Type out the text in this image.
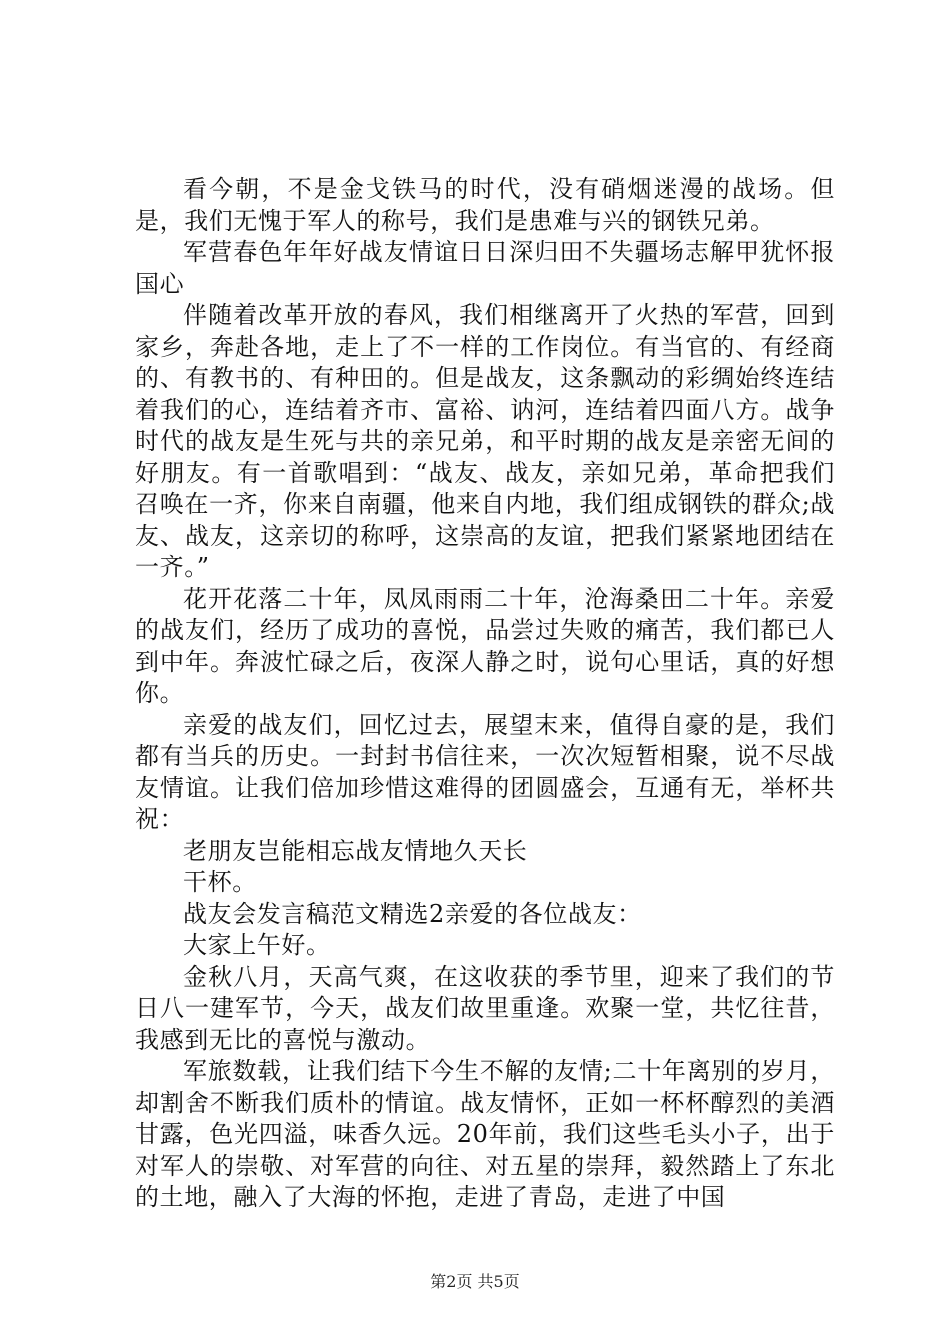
看今朝，不是金戈铁马的时代，没有硝烟迷漫的战场。但是，我们无愧于军人的称号，我们是患难与兴的钢铁兄弟。

军营春色年年好战友情谊日日深归田不失疆场志解甲犹怀报国心

伴随着改革开放的春风，我们相继离开了火热的军营，回到家乡，奔赴各地，走上了不一样的工作岗位。有当官的、有经商的、有教书的、有种田的。但是战友，这条飘动的彩绸始终连结着我们的心，连结着齐市、富裕、讷河，连结着四面八方。战争时代的战友是生死与共的亲兄弟，和平时期的战友是亲密无间的好朋友。有一首歌唱到：“战友、战友，亲如兄弟，革命把我们召唤在一齐，你来自南疆，他来自内地，我们组成钢铁的群众;战友、战友，这亲切的称呼，这崇高的友谊，把我们紧紧地团结在一齐。”

花开花落二十年，凤凤雨雨二十年，沧海桑田二十年。亲爱的战友们，经历了成功的喜悦，品尝过失败的痛苦，我们都已人到中年。奔波忙碌之后，夜深人静之时，说句心里话，真的好想你。

亲爱的战友们，回忆过去，展望末来，值得自豪的是，我们都有当兵的历史。一封封书信往来，一次次短暂相聚，说不尽战友情谊。让我们倍加珍惜这难得的团圆盛会，互通有无，举杯共祝：

老朋友岂能相忘战友情地久天长

干杯。

战友会发言稿范文精选2亲爱的各位战友：

大家上午好。

金秋八月，天高气爽，在这收获的季节里，迎来了我们的节日八一建军节，今天，战友们故里重逢。欢聚一堂，共忆往昔，我感到无比的喜悦与激动。

军旅数载，让我们结下今生不解的友情;二十年离别的岁月，却割舍不断我们质朴的情谊。战友情怀，正如一杯杯醇烈的美酒甘露，色光四溢，味香久远。20年前，我们这些毛头小子，出于对军人的崇敬、对军营的向往、对五星的崇拜，毅然踏上了东北的土地，融入了大海的怀抱，走进了青岛，走进了中国

第2页 共5页
